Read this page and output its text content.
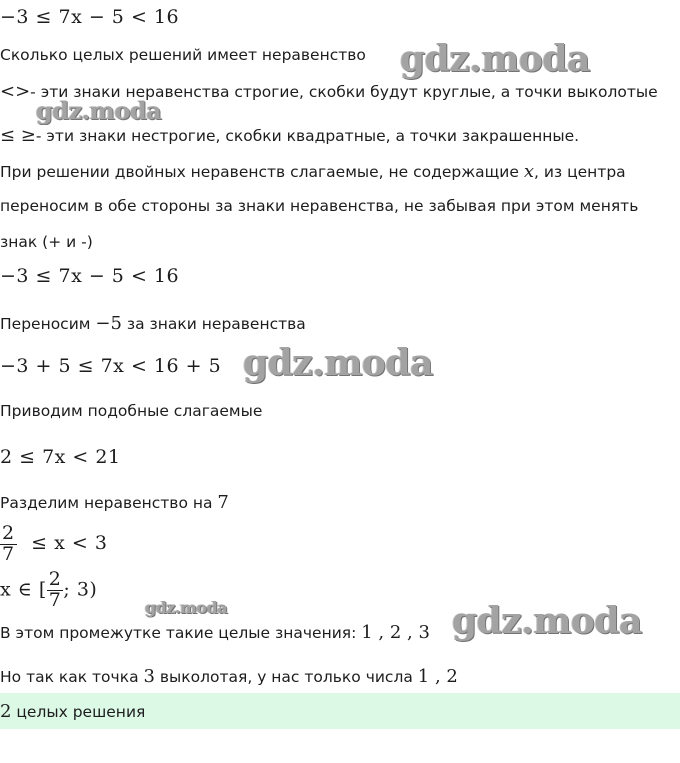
−3 ≤ 7x − 5 < 16
Сколько целых решений имеет неравенство
<>- эти знаки неравенства строгие, скобки будут круглые, а точки выколотые
≤ ≥- эти знаки нестрогие, скобки квадратные, а точки закрашенные.
При решении двойных неравенств слагаемые, не содержащие x, из центра
переносим в обе стороны за знаки неравенства, не забывая при этом менять
знак (+ и -)
−3 ≤ 7x − 5 < 16
Переносим −5 за знаки неравенства
−3 + 5 ≤ 7x < 16 + 5
Приводим подобные слагаемые
2 ≤ 7x < 21
Разделим неравенство на 7
$\frac{2}{7} \le x < 3$
x ∈ [ $\frac{2}{7}$ ; 3)
В этом промежутке такие целые значения: 1 , 2 , 3
Но так как точка 3 выколотая, у нас только числа 1 , 2
2 целых решения
gdz.moda
gdz.moda
gdz.moda
gdz.moda	gdz.moda
